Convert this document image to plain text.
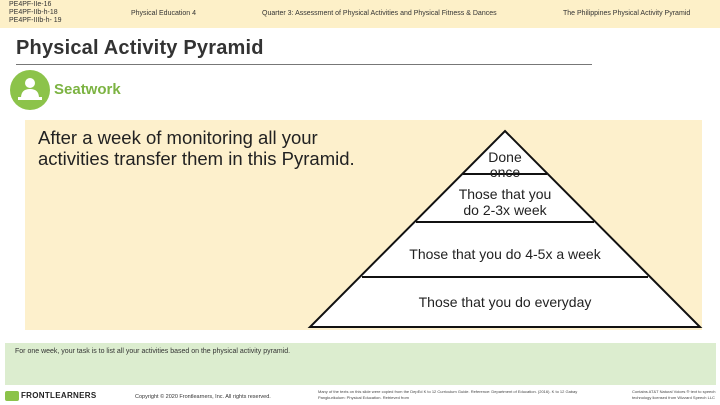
PE4PF-IIe-16
PE4PF-IIb-h-18
PE4PF-IIIb-h- 19
Physical Education 4	Quarter 3: Assessment of Physical Activities and Physical Fitness & Dances	The Philippines Physical Activity Pyramid
Physical Activity Pyramid
Seatwork
After a week of monitoring all your activities transfer them in this Pyramid.	Done
once
Those that you
do 2-3x week
Those that you do 4-5x a week
Those that you do everyday
For one week, your task is to list all your activities based on the physical activity pyramid.
FRONTLEARNERS	Copyright © 2020 Frontlearners, Inc. All rights reserved.
Many of the texts on this slide were copied from the DepEd K to 12 Curriculum Guide. Reference: Department of Education. (2016). K to 12 Gabay Pangkurikulum: Physical Education. Retrieved from
Contains AT&T Natural Voices ® text to speech technology licensed from Wizzard Speech LLC
